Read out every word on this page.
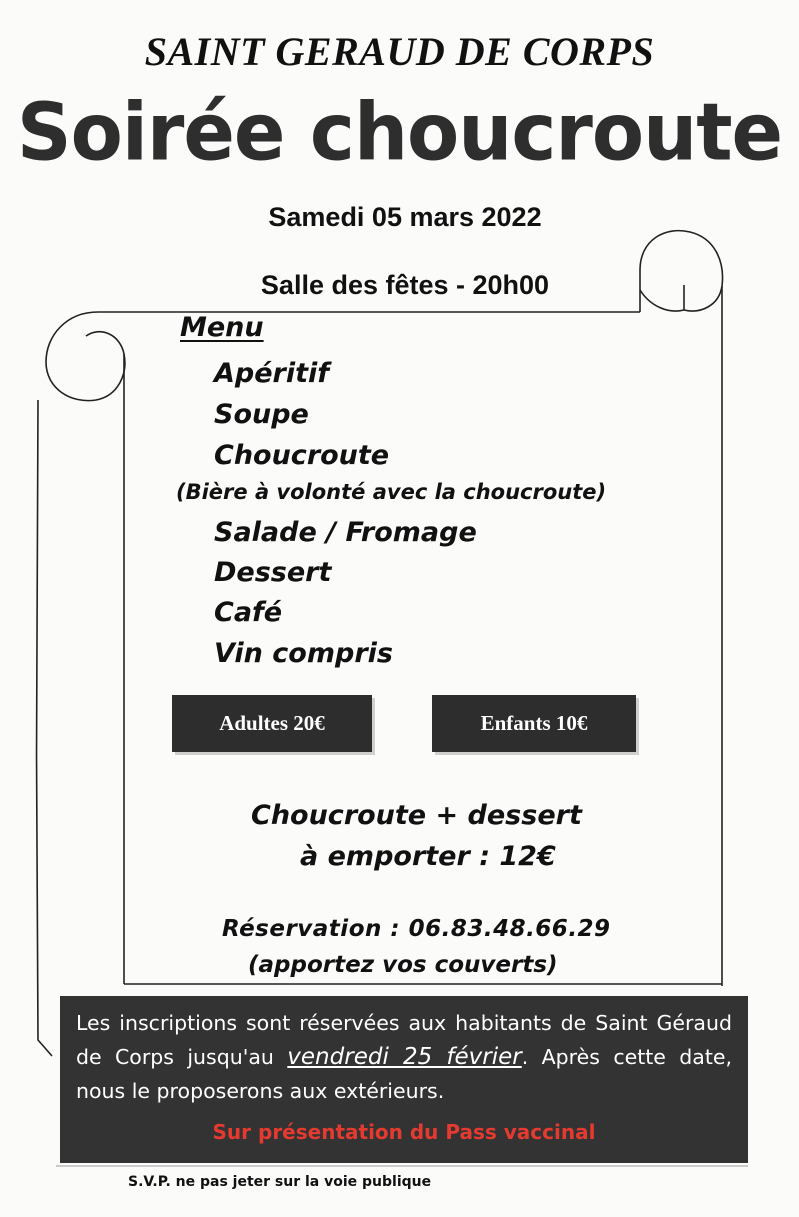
SAINT GERAUD DE CORPS
Soirée choucroute
Samedi 05 mars 2022
Salle des fêtes - 20h00
Menu
Apéritif
Soupe
Choucroute
(Bière à volonté avec la choucroute)
Salade / Fromage
Dessert
Café
Vin compris
Adultes 20€	Enfants 10€
Choucroute + dessert
à emporter : 12€
Réservation : 06.83.48.66.29
(apportez vos couverts)
Les inscriptions sont réservées aux habitants de Saint Géraud de Corps jusqu'au vendredi 25 février. Après cette date, nous le proposerons aux extérieurs.
Sur présentation du Pass vaccinal
S.V.P. ne pas jeter sur la voie publique
